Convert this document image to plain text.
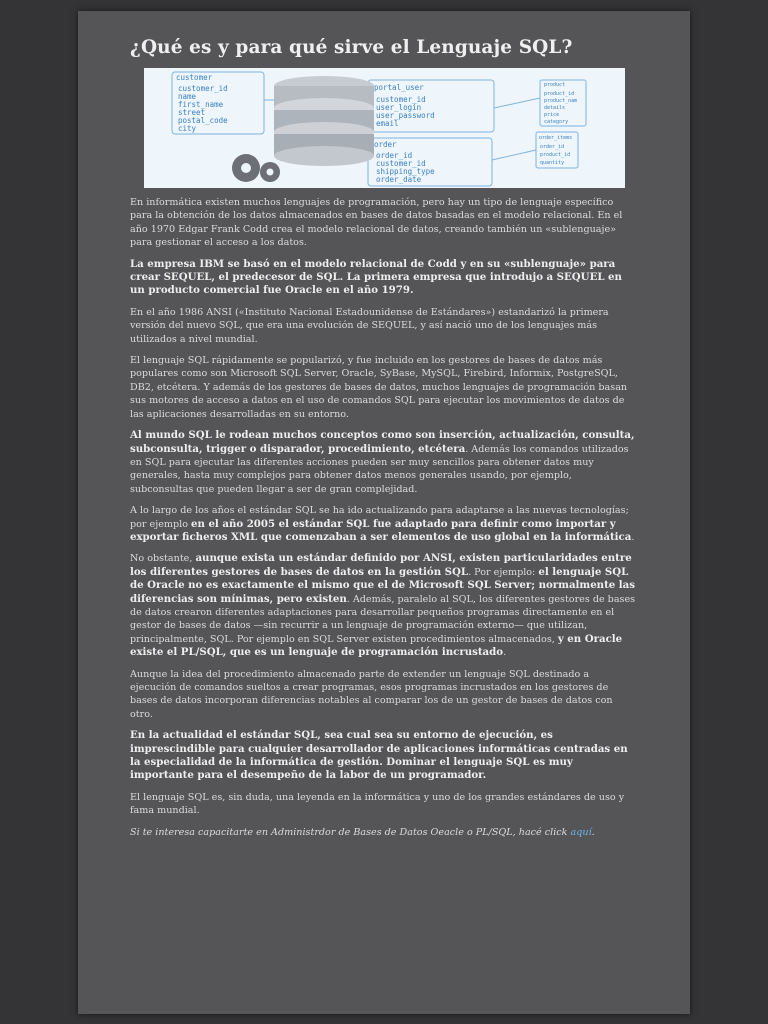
¿Qué es y para qué sirve el Lenguaje SQL?
customer
customer_id
name
first_name
street
postal_code
city
portal_user
customer_id
user_login
user_password
email
order
order_id
customer_id
shipping_type
order_date
product
product_id
product_nam
details
price
category
order_items
order_id
product_id
quantity

En informática existen muchos lenguajes de programación, pero hay un tipo de lenguaje específico para la obtención de los datos almacenados en bases de datos basadas en el modelo relacional. En el año 1970 Edgar Frank Codd crea el modelo relacional de datos, creando también un «sublenguaje» para gestionar el acceso a los datos.

La empresa IBM se basó en el modelo relacional de Codd y en su «sublenguaje» para crear SEQUEL, el predecesor de SQL. La primera empresa que introdujo a SEQUEL en un producto comercial fue Oracle en el año 1979.

En el año 1986 ANSI («Instituto Nacional Estadounidense de Estándares») estandarizó la primera versión del nuevo SQL, que era una evolución de SEQUEL, y así nació uno de los lenguajes más utilizados a nivel mundial.

El lenguaje SQL rápidamente se popularizó, y fue incluido en los gestores de bases de datos más populares como son Microsoft SQL Server, Oracle, SyBase, MySQL, Firebird, Informix, PostgreSQL, DB2, etcétera. Y además de los gestores de bases de datos, muchos lenguajes de programación basan sus motores de acceso a datos en el uso de comandos SQL para ejecutar los movimientos de datos de las aplicaciones desarrolladas en su entorno.

Al mundo SQL le rodean muchos conceptos como son inserción, actualización, consulta, subconsulta, trigger o disparador, procedimiento, etcétera. Además los comandos utilizados en SQL para ejecutar las diferentes acciones pueden ser muy sencillos para obtener datos muy generales, hasta muy complejos para obtener datos menos generales usando, por ejemplo, subconsultas que pueden llegar a ser de gran complejidad.

A lo largo de los años el estándar SQL se ha ido actualizando para adaptarse a las nuevas tecnologías; por ejemplo en el año 2005 el estándar SQL fue adaptado para definir como importar y exportar ficheros XML que comenzaban a ser elementos de uso global en la informática.

No obstante, aunque exista un estándar definido por ANSI, existen particularidades entre los diferentes gestores de bases de datos en la gestión SQL. Por ejemplo: el lenguaje SQL de Oracle no es exactamente el mismo que el de Microsoft SQL Server; normalmente las diferencias son mínimas, pero existen. Además, paralelo al SQL, los diferentes gestores de bases de datos crearon diferentes adaptaciones para desarrollar pequeños programas directamente en el gestor de bases de datos —sin recurrir a un lenguaje de programación externo— que utilizan, principalmente, SQL. Por ejemplo en SQL Server existen procedimientos almacenados, y en Oracle existe el PL/SQL, que es un lenguaje de programación incrustado.

Aunque la idea del procedimiento almacenado parte de extender un lenguaje SQL destinado a ejecución de comandos sueltos a crear programas, esos programas incrustados en los gestores de bases de datos incorporan diferencias notables al comparar los de un gestor de bases de datos con otro.

En la actualidad el estándar SQL, sea cual sea su entorno de ejecución, es imprescindible para cualquier desarrollador de aplicaciones informáticas centradas en la especialidad de la informática de gestión. Dominar el lenguaje SQL es muy importante para el desempeño de la labor de un programador.

El lenguaje SQL es, sin duda, una leyenda en la informática y uno de los grandes estándares de uso y fama mundial.

Si te interesa capacitarte en Administrdor de Bases de Datos Oeacle o PL/SQL, hacé click aquí.
